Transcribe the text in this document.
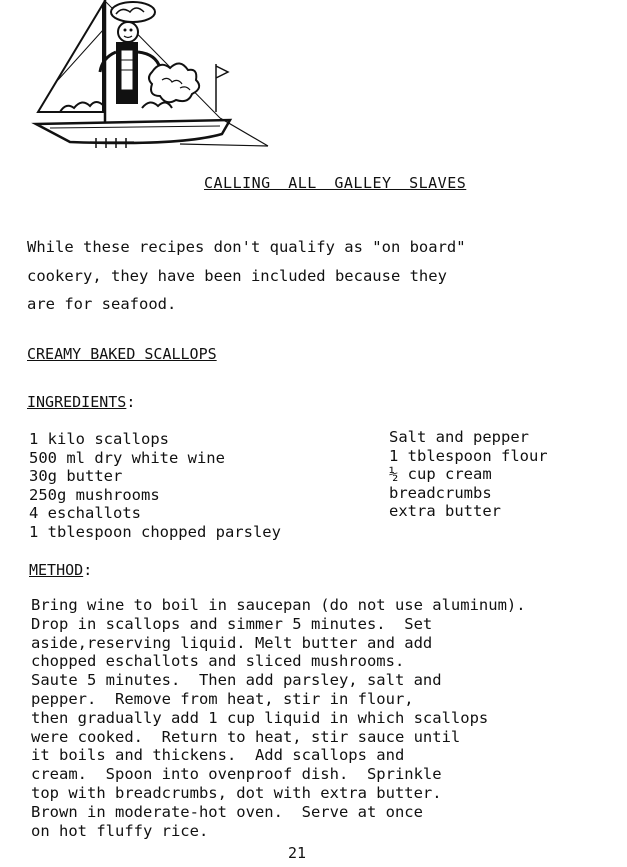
CALLING ALL GALLEY SLAVES
While these recipes don't qualify as "on board"
cookery, they have been included because they
are for seafood.
CREAMY BAKED SCALLOPS
INGREDIENTS:
1 kilo scallops
500 ml dry white wine
30g butter
250g mushrooms
4 eschallots
1 tblespoon chopped parsley
Salt and pepper
1 tblespoon flour
½ cup cream
breadcrumbs
extra butter
METHOD:
Bring wine to boil in saucepan (do not use aluminum).
Drop in scallops and simmer 5 minutes.  Set
aside,reserving liquid. Melt butter and add
chopped eschallots and sliced mushrooms.
Saute 5 minutes.  Then add parsley, salt and
pepper.  Remove from heat, stir in flour,
then gradually add 1 cup liquid in which scallops
were cooked.  Return to heat, stir sauce until
it boils and thickens.  Add scallops and
cream.  Spoon into ovenproof dish.  Sprinkle
top with breadcrumbs, dot with extra butter.
Brown in moderate-hot oven.  Serve at once
on hot fluffy rice.
21
